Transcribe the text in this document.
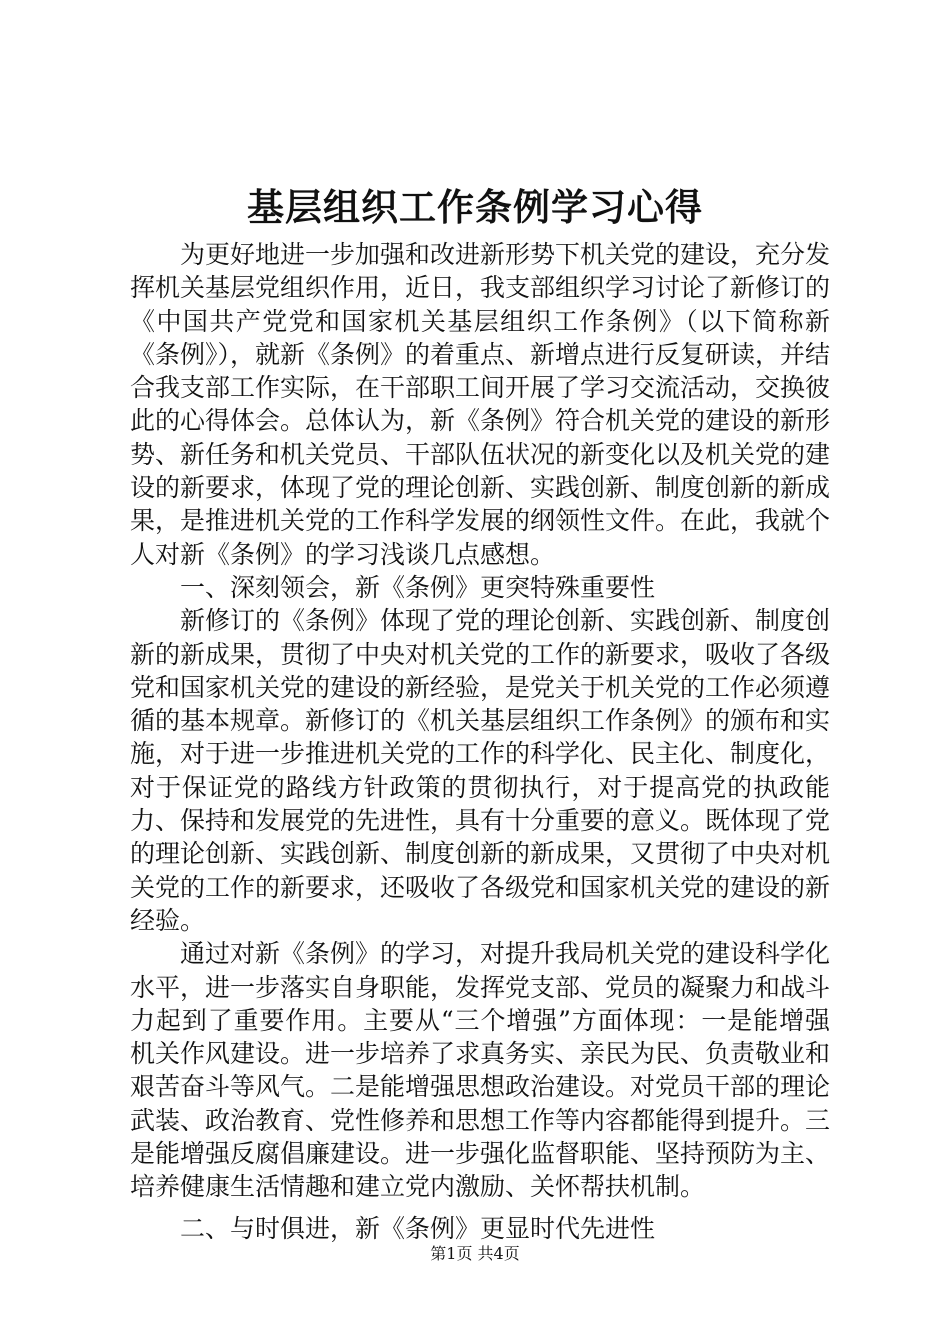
基层组织工作条例学习心得

为更好地进一步加强和改进新形势下机关党的建设，充分发挥机关基层党组织作用，近日，我支部组织学习讨论了新修订的《中国共产党党和国家机关基层组织工作条例》（以下简称新《条例》），就新《条例》的着重点、新增点进行反复研读，并结合我支部工作实际，在干部职工间开展了学习交流活动，交换彼此的心得体会。总体认为，新《条例》符合机关党的建设的新形势、新任务和机关党员、干部队伍状况的新变化以及机关党的建设的新要求，体现了党的理论创新、实践创新、制度创新的新成果，是推进机关党的工作科学发展的纲领性文件。在此，我就个人对新《条例》的学习浅谈几点感想。

一、深刻领会，新《条例》更突特殊重要性

新修订的《条例》体现了党的理论创新、实践创新、制度创新的新成果，贯彻了中央对机关党的工作的新要求，吸收了各级党和国家机关党的建设的新经验，是党关于机关党的工作必须遵循的基本规章。新修订的《机关基层组织工作条例》的颁布和实施，对于进一步推进机关党的工作的科学化、民主化、制度化，对于保证党的路线方针政策的贯彻执行，对于提高党的执政能力、保持和发展党的先进性，具有十分重要的意义。既体现了党的理论创新、实践创新、制度创新的新成果，又贯彻了中央对机关党的工作的新要求，还吸收了各级党和国家机关党的建设的新经验。

通过对新《条例》的学习，对提升我局机关党的建设科学化水平，进一步落实自身职能，发挥党支部、党员的凝聚力和战斗力起到了重要作用。主要从“三个增强”方面体现：一是能增强机关作风建设。进一步培养了求真务实、亲民为民、负责敬业和艰苦奋斗等风气。二是能增强思想政治建设。对党员干部的理论武装、政治教育、党性修养和思想工作等内容都能得到提升。三是能增强反腐倡廉建设。进一步强化监督职能、坚持预防为主、培养健康生活情趣和建立党内激励、关怀帮扶机制。

二、与时俱进，新《条例》更显时代先进性

第1页 共4页
